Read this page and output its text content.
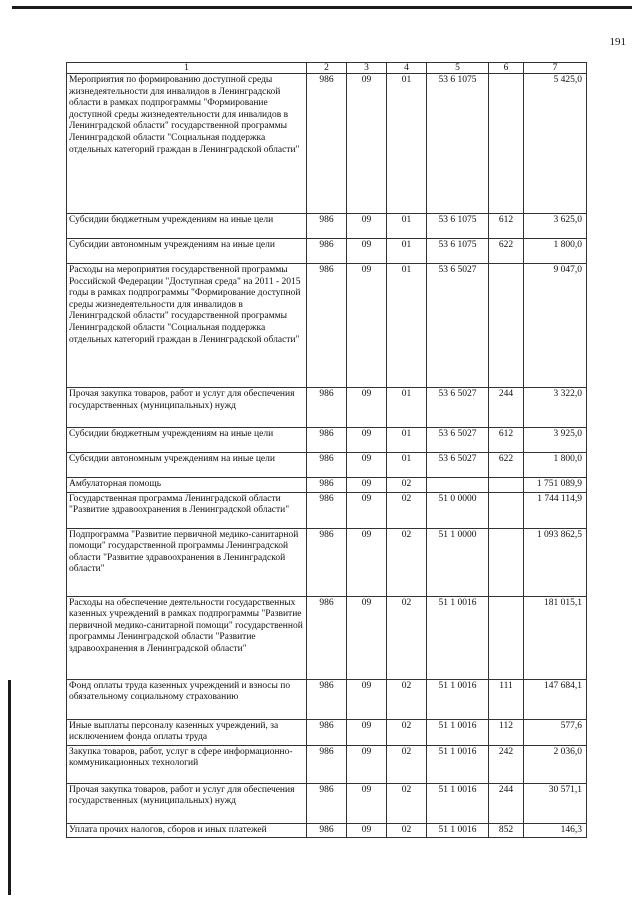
191
1	2	3	4	5	6	7
Мероприятия по формированию доступной среды жизнедеятельности для инвалидов в Ленинградской области в рамках подпрограммы "Формирование доступной среды жизнедеятельности для инвалидов в Ленинградской области" государственной программы Ленинградской области "Социальная поддержка отдельных категорий граждан в Ленинградской области"	986	09	01	53 6 1075		5 425,0
Субсидии бюджетным учреждениям на иные цели	986	09	01	53 6 1075	612	3 625,0
Субсидии автономным учреждениям на иные цели	986	09	01	53 6 1075	622	1 800,0
Расходы на мероприятия государственной программы Российской Федерации "Доступная среда" на 2011 - 2015 годы в рамках подпрограммы "Формирование доступной среды жизнедеятельности для инвалидов в Ленинградской области" государственной программы Ленинградской области "Социальная поддержка отдельных категорий граждан в Ленинградской области"	986	09	01	53 6 5027		9 047,0
Прочая закупка товаров, работ и услуг для обеспечения государственных (муниципальных) нужд	986	09	01	53 6 5027	244	3 322,0
Субсидии бюджетным учреждениям на иные цели	986	09	01	53 6 5027	612	3 925,0
Субсидии автономным учреждениям на иные цели	986	09	01	53 6 5027	622	1 800,0
Амбулаторная помощь	986	09	02			1 751 089,9
Государственная программа Ленинградской области "Развитие здравоохранения в Ленинградской области"	986	09	02	51 0 0000		1 744 114,9
Подпрограмма "Развитие первичной медико-санитарной помощи" государственной программы Ленинградской области "Развитие здравоохранения в Ленинградской области"	986	09	02	51 1 0000		1 093 862,5
Расходы на обеспечение деятельности государственных казенных учреждений в рамках подпрограммы "Развитие первичной медико-санитарной помощи" государственной программы Ленинградской области "Развитие здравоохранения в Ленинградской области"	986	09	02	51 1 0016		181 015,1
Фонд оплаты труда казенных учреждений и взносы по обязательному социальному страхованию	986	09	02	51 1 0016	111	147 684,1
Иные выплаты персоналу казенных учреждений, за исключением фонда оплаты труда	986	09	02	51 1 0016	112	577,6
Закупка товаров, работ, услуг в сфере информационно-коммуникационных технологий	986	09	02	51 1 0016	242	2 036,0
Прочая закупка товаров, работ и услуг для обеспечения государственных (муниципальных) нужд	986	09	02	51 1 0016	244	30 571,1
Уплата прочих налогов, сборов и иных платежей	986	09	02	51 1 0016	852	146,3
